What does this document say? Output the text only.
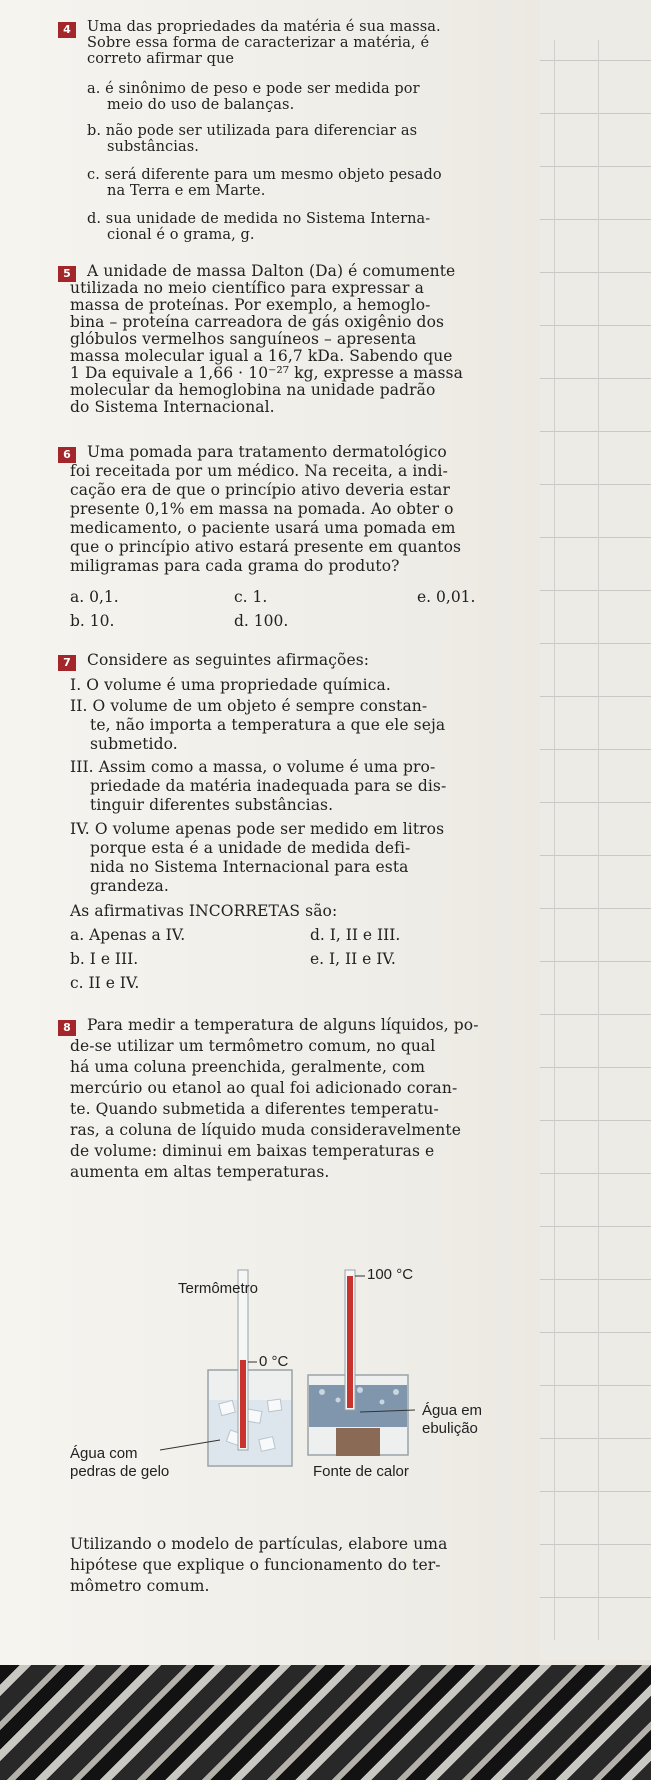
4	Uma das propriedades da matéria é sua massa.
Sobre essa forma de caracterizar a matéria, é
correto afirmar que
a. é sinônimo de peso e pode ser medida por
meio do uso de balanças.
b. não pode ser utilizada para diferenciar as
substâncias.
c. será diferente para um mesmo objeto pesado
na Terra e em Marte.
d. sua unidade de medida no Sistema Interna-
cional é o grama, g.
5	A unidade de massa Dalton (Da) é comumente
utilizada no meio científico para expressar a
massa de proteínas. Por exemplo, a hemoglo-
bina – proteína carreadora de gás oxigênio dos
glóbulos vermelhos sanguíneos – apresenta
massa molecular igual a 16,7 kDa. Sabendo que
1 Da equivale a 1,66 · 10⁻²⁷ kg, expresse a massa
molecular da hemoglobina na unidade padrão
do Sistema Internacional.
6	Uma pomada para tratamento dermatológico
foi receitada por um médico. Na receita, a indi-
cação era de que o princípio ativo deveria estar
presente 0,1% em massa na pomada. Ao obter o
medicamento, o paciente usará uma pomada em
que o princípio ativo estará presente em quantos
miligramas para cada grama do produto?
a. 0,1.	c. 1.	e. 0,01.
b. 10.	d. 100.
7	Considere as seguintes afirmações:
I. O volume é uma propriedade química.
II. O volume de um objeto é sempre constan-
te, não importa a temperatura a que ele seja
submetido.
III. Assim como a massa, o volume é uma pro-
priedade da matéria inadequada para se dis-
tinguir diferentes substâncias.
IV. O volume apenas pode ser medido em litros
porque esta é a unidade de medida defi-
nida no Sistema Internacional para esta
grandeza.
As afirmativas INCORRETAS são:
a. Apenas a IV.	d. I, II e III.
b. I e III.	e. I, II e IV.
c. II e IV.
8	Para medir a temperatura de alguns líquidos, po-
de-se utilizar um termômetro comum, no qual
há uma coluna preenchida, geralmente, com
mercúrio ou etanol ao qual foi adicionado coran-
te. Quando submetida a diferentes temperatu-
ras, a coluna de líquido muda consideravelmente
de volume: diminui em baixas temperaturas e
aumenta em altas temperaturas.
Termômetro
0 °C
100 °C
Água em
ebulição
Água com
pedras de gelo	Fonte de calor
Utilizando o modelo de partículas, elabore uma
hipótese que explique o funcionamento do ter-
mômetro comum.
